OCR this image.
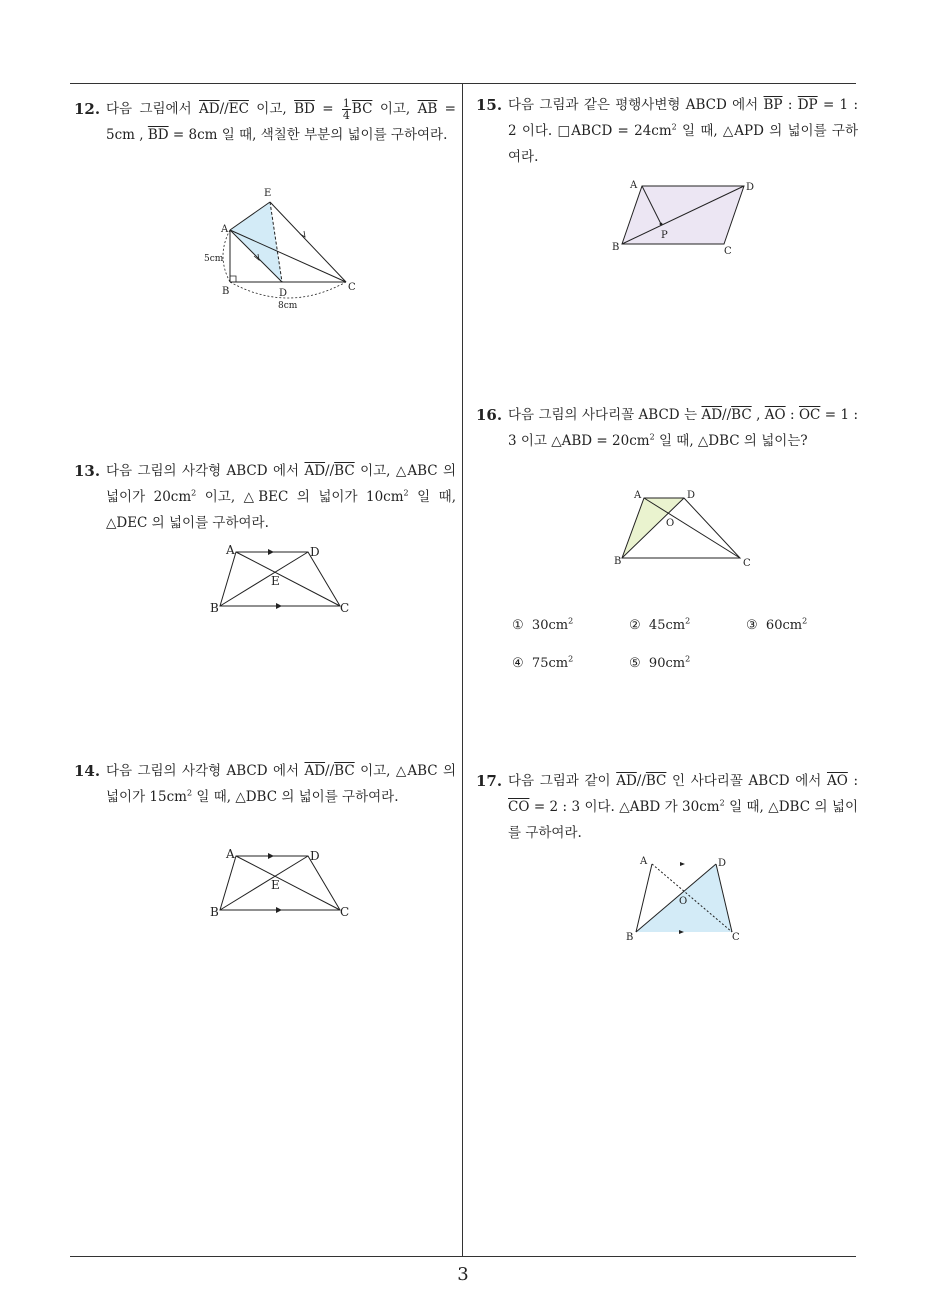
12. 다음 그림에서 $\overline{AD}//\overline{EC}$ 이고, $\overline{BD} = \frac{1}{4} \overline{BC}$ 이고, $\overline{AB} = 5cm$ , $\overline{BD} = 8cm$ 일 때, 색칠한 부분의 넓이를 구하여라.
A
E
B	D
C
5cm
8cm
13. 다음 그림의 사각형 ABCD 에서 $\overline{AD}//\overline{BC}$ 이고, △ABC 의 넓이가 $20cm^2$ 이고, △BEC 의 넓이가 $10cm^2$ 일 때, △DEC 의 넓이를 구하여라.
A	D
E
B	C
14. 다음 그림의 사각형 ABCD 에서 $\overline{AD}//\overline{BC}$ 이고, △ABC 의 넓이가 $15cm^2$ 일 때, △DBC 의 넓이를 구하여라.
A	D
E
B	C
15. 다음 그림과 같은 평행사변형 ABCD 에서 $\overline{BP}$ : $\overline{DP} = 1$ : 2 이다. □ABCD = $24cm^2$ 일 때, △APD 의 넓이를 구하여라.
A	D
P
B	C
16. 다음 그림의 사다리꼴 ABCD 는 $\overline{AD}//\overline{BC}$ , $\overline{AO}$ : $\overline{OC} = 1$ : 3 이고 △ABD = $20cm^2$ 일 때, △DBC 의 넓이는?
A	D
O
B	C
① $30cm^2$	② $45cm^2$	③ $60cm^2$
④ $75cm^2$	⑤ $90cm^2$
17. 다음 그림과 같이 $\overline{AD}//\overline{BC}$ 인 사다리꼴 ABCD 에서 $\overline{AO}$ : $\overline{CO} = 2$ : 3 이다. △ABD 가 $30cm^2$ 일 때, △DBC 의 넓이를 구하여라.
A	D
O
B	C
3
